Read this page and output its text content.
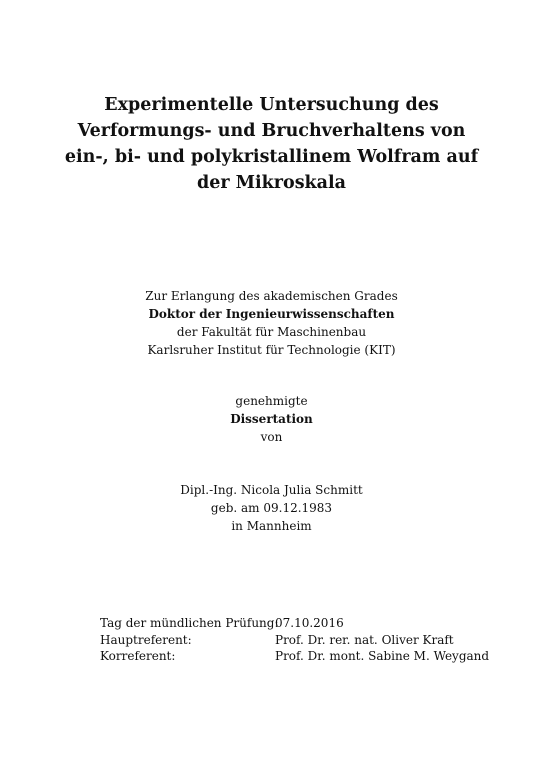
Experimentelle Untersuchung des
Verformungs- und Bruchverhaltens von
ein-, bi- und polykristallinem Wolfram auf
der Mikroskala
Zur Erlangung des akademischen Grades
Doktor der Ingenieurwissenschaften
der Fakultät für Maschinenbau
Karlsruher Institut für Technologie (KIT)
genehmigte
Dissertation
von
Dipl.-Ing. Nicola Julia Schmitt
geb. am 09.12.1983
in Mannheim
Tag der mündlichen Prüfung:
07.10.2016
Hauptreferent:	Prof. Dr. rer. nat. Oliver Kraft
Korreferent:	Prof. Dr. mont. Sabine M. Weygand
